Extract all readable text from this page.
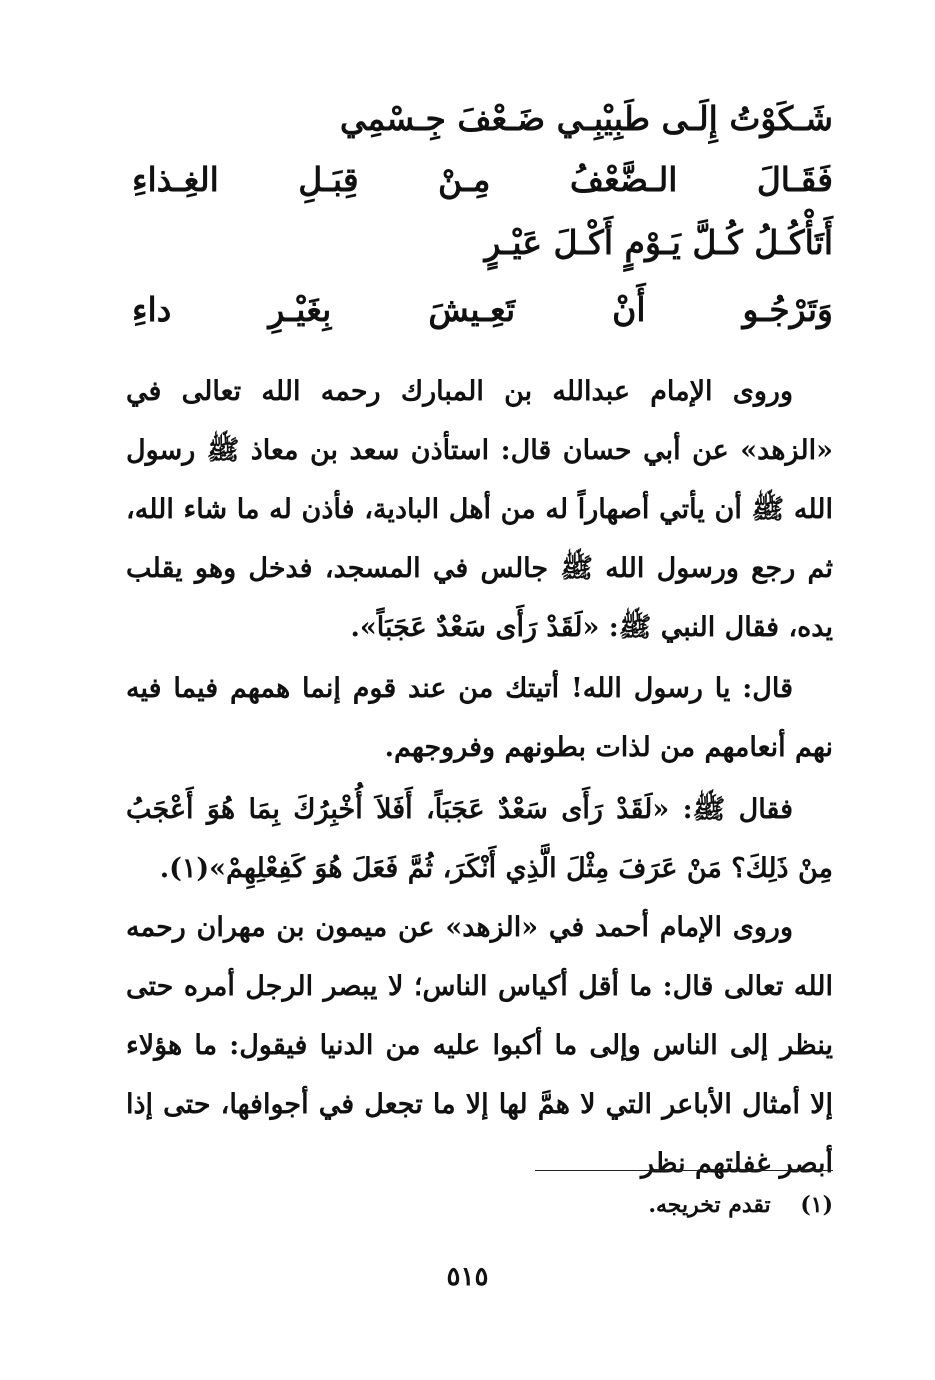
شَـكَوْتُ إِلَـى طَبِيْبِـي ضَـعْفَ جِـسْمِي
فَقَـالَ الـضَّعْفُ مِـنْ قِبَـلِ الغِـذاءِ
أَتَأْكُـلُ كُـلَّ يَـوْمٍ أَكْـلَ عَيْـرٍ
وَتَرْجُـو أَنْ تَعِـيشَ بِغَيْـرِ داءِ

وروى الإمام عبدالله بن المبارك رحمه الله تعالى في «الزهد» عن أبي حسان قال: استأذن سعد بن معاذ ﷺ رسول الله ﷺ أن يأتي أصهاراً له من أهل البادية، فأذن له ما شاء الله، ثم رجع ورسول الله ﷺ جالس في المسجد، فدخل وهو يقلب يده، فقال النبي ﷺ: «لَقَدْ رَأَى سَعْدٌ عَجَبَاً».

قال: يا رسول الله! أتيتك من عند قوم إنما همهم فيما فيه نهم أنعامهم من لذات بطونهم وفروجهم.

فقال ﷺ: «لَقَدْ رَأَى سَعْدٌ عَجَبَاً، أَفَلاَ أُخْبِرُكَ بِمَا هُوَ أَعْجَبُ مِنْ ذَلِكَ؟ مَنْ عَرَفَ مِثْلَ الَّذِي أَنْكَرَ، ثُمَّ فَعَلَ هُوَ كَفِعْلِهِمْ»(١).

وروى الإمام أحمد في «الزهد» عن ميمون بن مهران رحمه الله تعالى قال: ما أقل أكياس الناس؛ لا يبصر الرجل أمره حتى ينظر إلى الناس وإلى ما أكبوا عليه من الدنيا فيقول: ما هؤلاء إلا أمثال الأباعر التي لا همَّ لها إلا ما تجعل في أجوافها، حتى إذا أبصر غفلتهم نظر

(١) تقدم تخريجه.
٥١٥
